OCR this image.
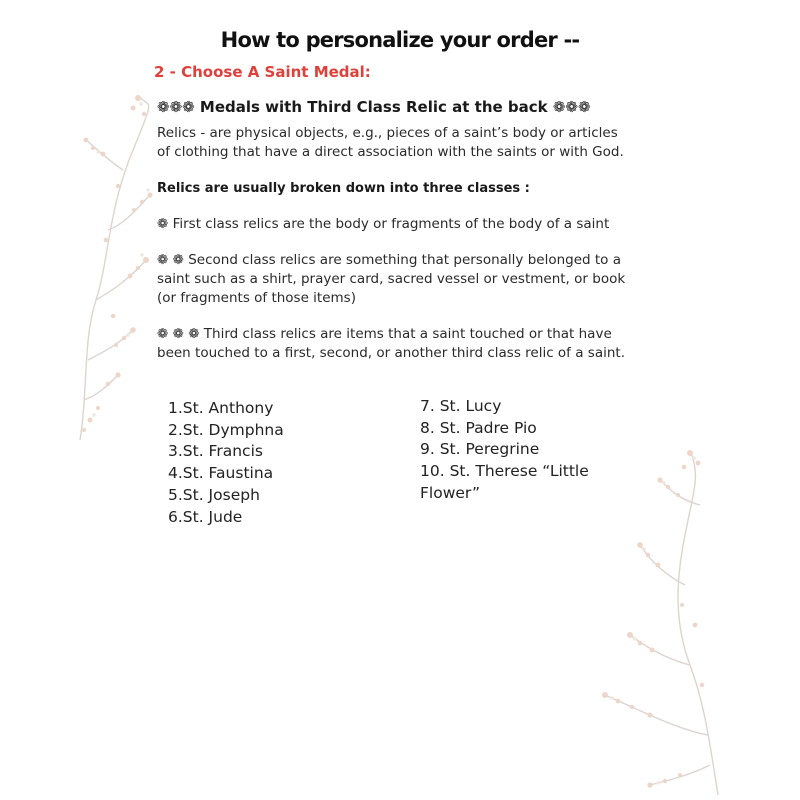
How to personalize your order --
2 - Choose A Saint Medal:

❁❁❁ Medals with Third Class Relic at the back ❁❁❁

Relics - are physical objects, e.g., pieces of a saint’s body or articles of clothing that have a direct association with the saints or with God.

Relics are usually broken down into three classes :

❁ First class relics are the body or fragments of the body of a saint

❁ ❁ Second class relics are something that personally belonged to a saint such as a shirt, prayer card, sacred vessel or vestment, or book (or fragments of those items)

❁ ❁ ❁ Third class relics are items that a saint touched or that have been touched to a first, second, or another third class relic of a saint.

1.St. Anthony
2.St. Dymphna
3.St. Francis
4.St. Faustina
5.St. Joseph
6.St. Jude
7. St. Lucy
8. St. Padre Pio
9. St. Peregrine
10. St. Therese “Little
Flower”
